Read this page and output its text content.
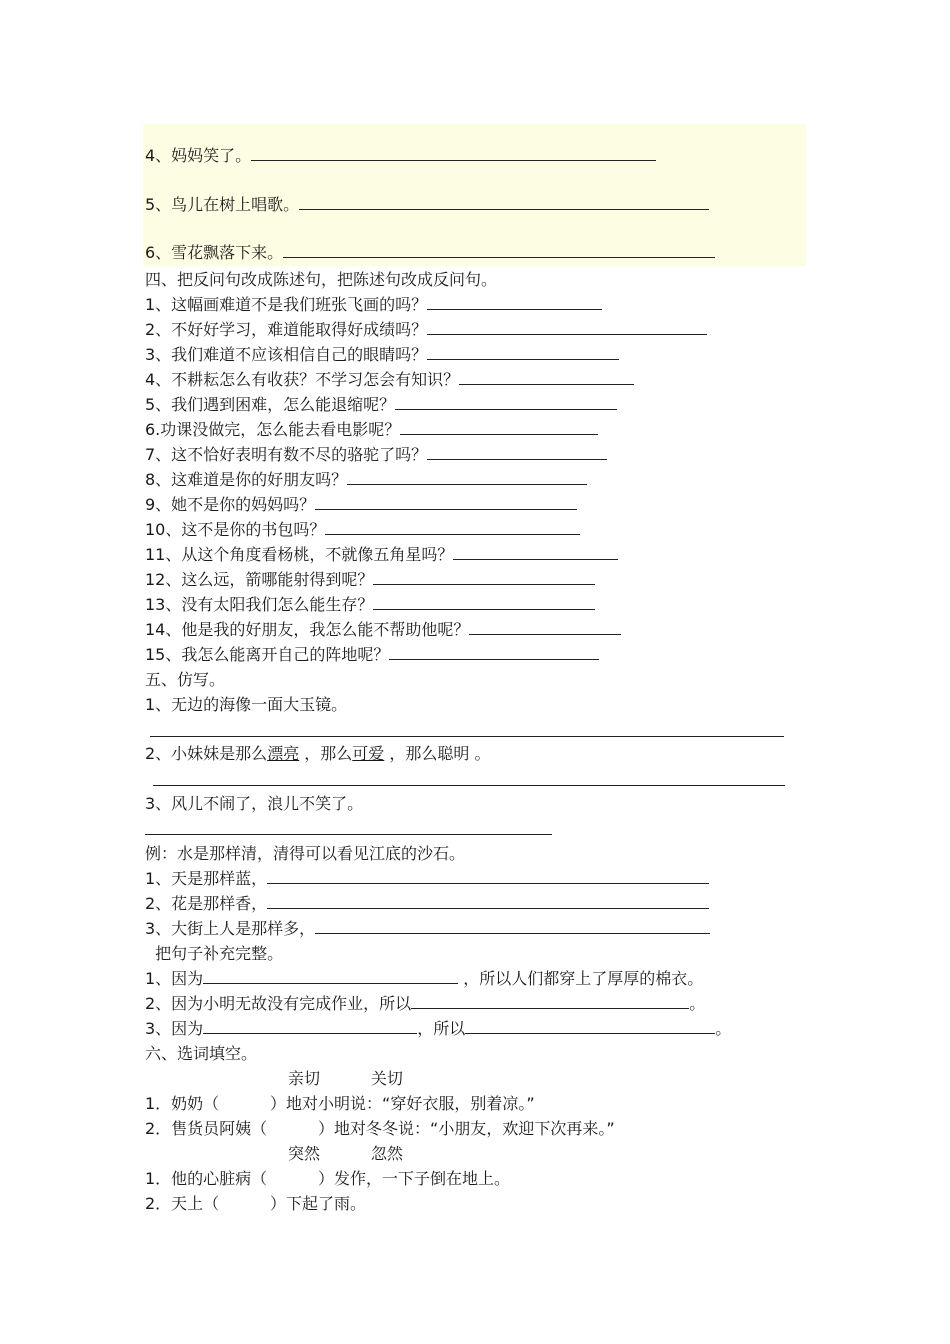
4、妈妈笑了。
5、鸟儿在树上唱歌。
6、雪花飘落下来。
四、把反问句改成陈述句，把陈述句改成反问句。
1、这幅画难道不是我们班张飞画的吗？
2、不好好学习，难道能取得好成绩吗？
3、我们难道不应该相信自己的眼睛吗？
4、不耕耘怎么有收获？不学习怎会有知识？
5、我们遇到困难，怎么能退缩呢？
6.功课没做完，怎么能去看电影呢？
7、这不恰好表明有数不尽的骆驼了吗？
8、这难道是你的好朋友吗？
9、她不是你的妈妈吗？
10、这不是你的书包吗？
11、从这个角度看杨桃，不就像五角星吗？
12、这么远，箭哪能射得到呢？
13、没有太阳我们怎么能生存？
14、他是我的好朋友，我怎么能不帮助他呢？
15、我怎么能离开自己的阵地呢？
五、仿写。
1、无边的海像一面大玉镜。
2、小妹妹是那么漂亮 ，那么可爱 ，那么聪明 。
3、风儿不闹了，浪儿不笑了。
例：水是那样清，清得可以看见江底的沙石。
1、天是那样蓝，
2、花是那样香，
3、大街上人是那样多，
把句子补充完整。
1、因为	，所以人们都穿上了厚厚的棉衣。
2、因为小明无故没有完成作业，所以	。
3、因为	，所以	。
六、选词填空。
亲切          关切
1．奶奶（          ）地对小明说：“穿好衣服，别着凉。”
2．售货员阿姨（          ）地对冬冬说：“小朋友，欢迎下次再来。”
突然          忽然
1．他的心脏病（          ）发作，一下子倒在地上。
2．天上（          ）下起了雨。
